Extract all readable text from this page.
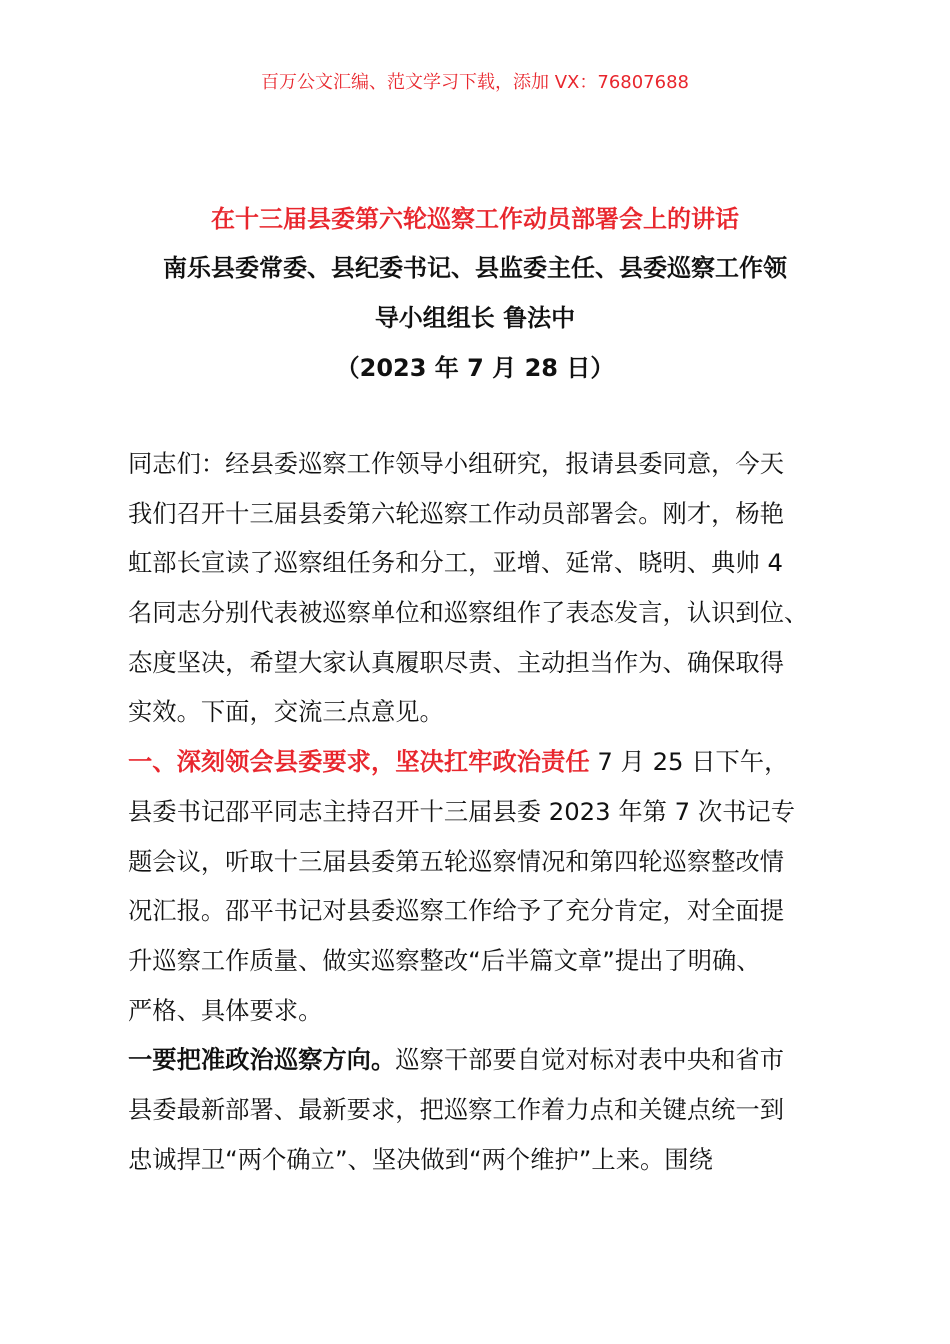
百万公文汇编、范文学习下载，添加 VX：76807688
在十三届县委第六轮巡察工作动员部署会上的讲话
南乐县委常委、县纪委书记、县监委主任、县委巡察工作领
导小组组长 鲁法中
（2023 年 7 月 28 日）
同志们：经县委巡察工作领导小组研究，报请县委同意，今天
我们召开十三届县委第六轮巡察工作动员部署会。刚才，杨艳
虹部长宣读了巡察组任务和分工，亚增、延常、晓明、典帅 4
名同志分别代表被巡察单位和巡察组作了表态发言，认识到位、
态度坚决，希望大家认真履职尽责、主动担当作为、确保取得
实效。下面，交流三点意见。
一、深刻领会县委要求，坚决扛牢政治责任 7 月 25 日下午，
县委书记邵平同志主持召开十三届县委 2023 年第 7 次书记专
题会议，听取十三届县委第五轮巡察情况和第四轮巡察整改情
况汇报。邵平书记对县委巡察工作给予了充分肯定，对全面提
升巡察工作质量、做实巡察整改“后半篇文章”提出了明确、
严格、具体要求。
一要把准政治巡察方向。巡察干部要自觉对标对表中央和省市
县委最新部署、最新要求，把巡察工作着力点和关键点统一到
忠诚捍卫“两个确立”、坚决做到“两个维护”上来。围绕
